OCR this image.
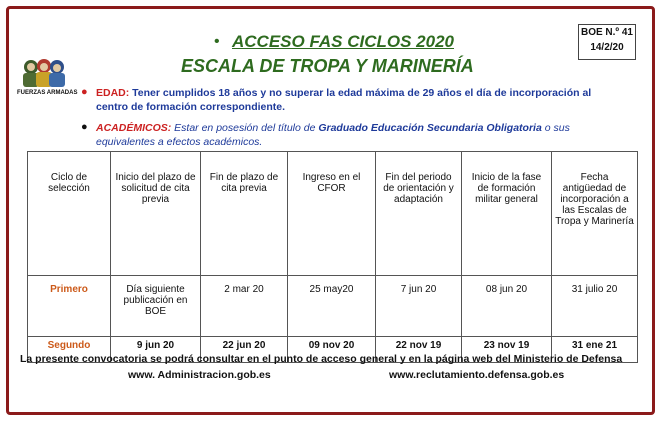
• ACCESO FAS CICLOS 2020
ESCALA DE TROPA Y MARINERÍA
BOE N.º 41
14/2/20
FUERZAS ARMADAS ● EDAD: Tener cumplidos 18 años y no superar la edad máxima de 29 años el día de incorporación al centro de formación correspondiente.
● ACADÉMICOS: Estar en posesión del título de Graduado Educación Secundaria Obligatoria o sus equivalentes a efectos académicos.
Ciclo de selección	Inicio del plazo de solicitud de cita previa	Fin de plazo de cita previa	Ingreso en el CFOR	Fin del periodo de orientación y adaptación	Inicio de la fase de formación militar general	Fecha antigüedad de incorporación a las Escalas de Tropa y Marinería
Primero	Día siguiente publicación en BOE	2 mar 20	25 may20	7 jun 20	08 jun 20	31 julio 20
Segundo	9 jun 20	22 jun 20	09 nov 20	22 nov 19	23 nov 19	31 ene 21
La presente convocatoria se podrá consultar en el punto de acceso general y en la página web del Ministerio de Defensa
www. Administracion.gob.es	www.reclutamiento.defensa.gob.es
